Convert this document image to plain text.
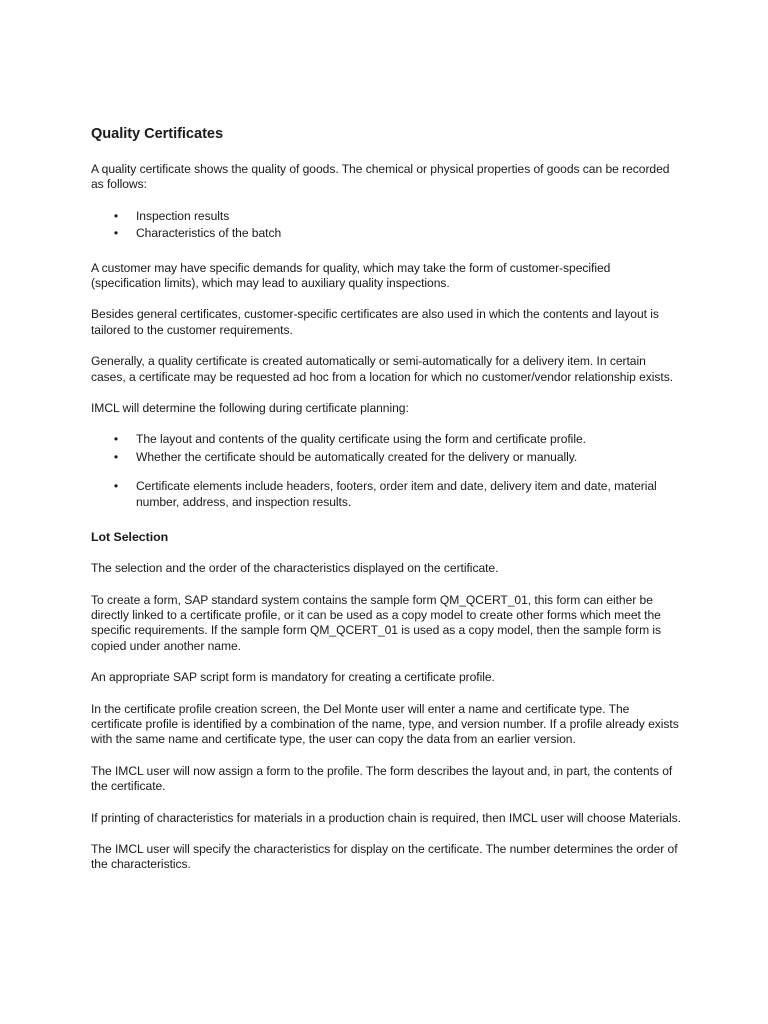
Quality Certificates

A quality certificate shows the quality of goods. The chemical or physical properties of goods can be recorded as follows:

• Inspection results
• Characteristics of the batch

A customer may have specific demands for quality, which may take the form of customer-specified (specification limits), which may lead to auxiliary quality inspections.

Besides general certificates, customer-specific certificates are also used in which the contents and layout is tailored to the customer requirements.

Generally, a quality certificate is created automatically or semi-automatically for a delivery item. In certain cases, a certificate may be requested ad hoc from a location for which no customer/vendor relationship exists.

IMCL will determine the following during certificate planning:

• The layout and contents of the quality certificate using the form and certificate profile.
• Whether the certificate should be automatically created for the delivery or manually.
• Certificate elements include headers, footers, order item and date, delivery item and date, material number, address, and inspection results.
Lot Selection

The selection and the order of the characteristics displayed on the certificate.

To create a form, SAP standard system contains the sample form QM_QCERT_01, this form can either be directly linked to a certificate profile, or it can be used as a copy model to create other forms which meet the specific requirements. If the sample form QM_QCERT_01 is used as a copy model, then the sample form is copied under another name.

An appropriate SAP script form is mandatory for creating a certificate profile.

In the certificate profile creation screen, the Del Monte user will enter a name and certificate type. The certificate profile is identified by a combination of the name, type, and version number. If a profile already exists with the same name and certificate type, the user can copy the data from an earlier version.

The IMCL user will now assign a form to the profile. The form describes the layout and, in part, the contents of the certificate.

If printing of characteristics for materials in a production chain is required, then IMCL user will choose Materials.

The IMCL user will specify the characteristics for display on the certificate. The number determines the order of the characteristics.
